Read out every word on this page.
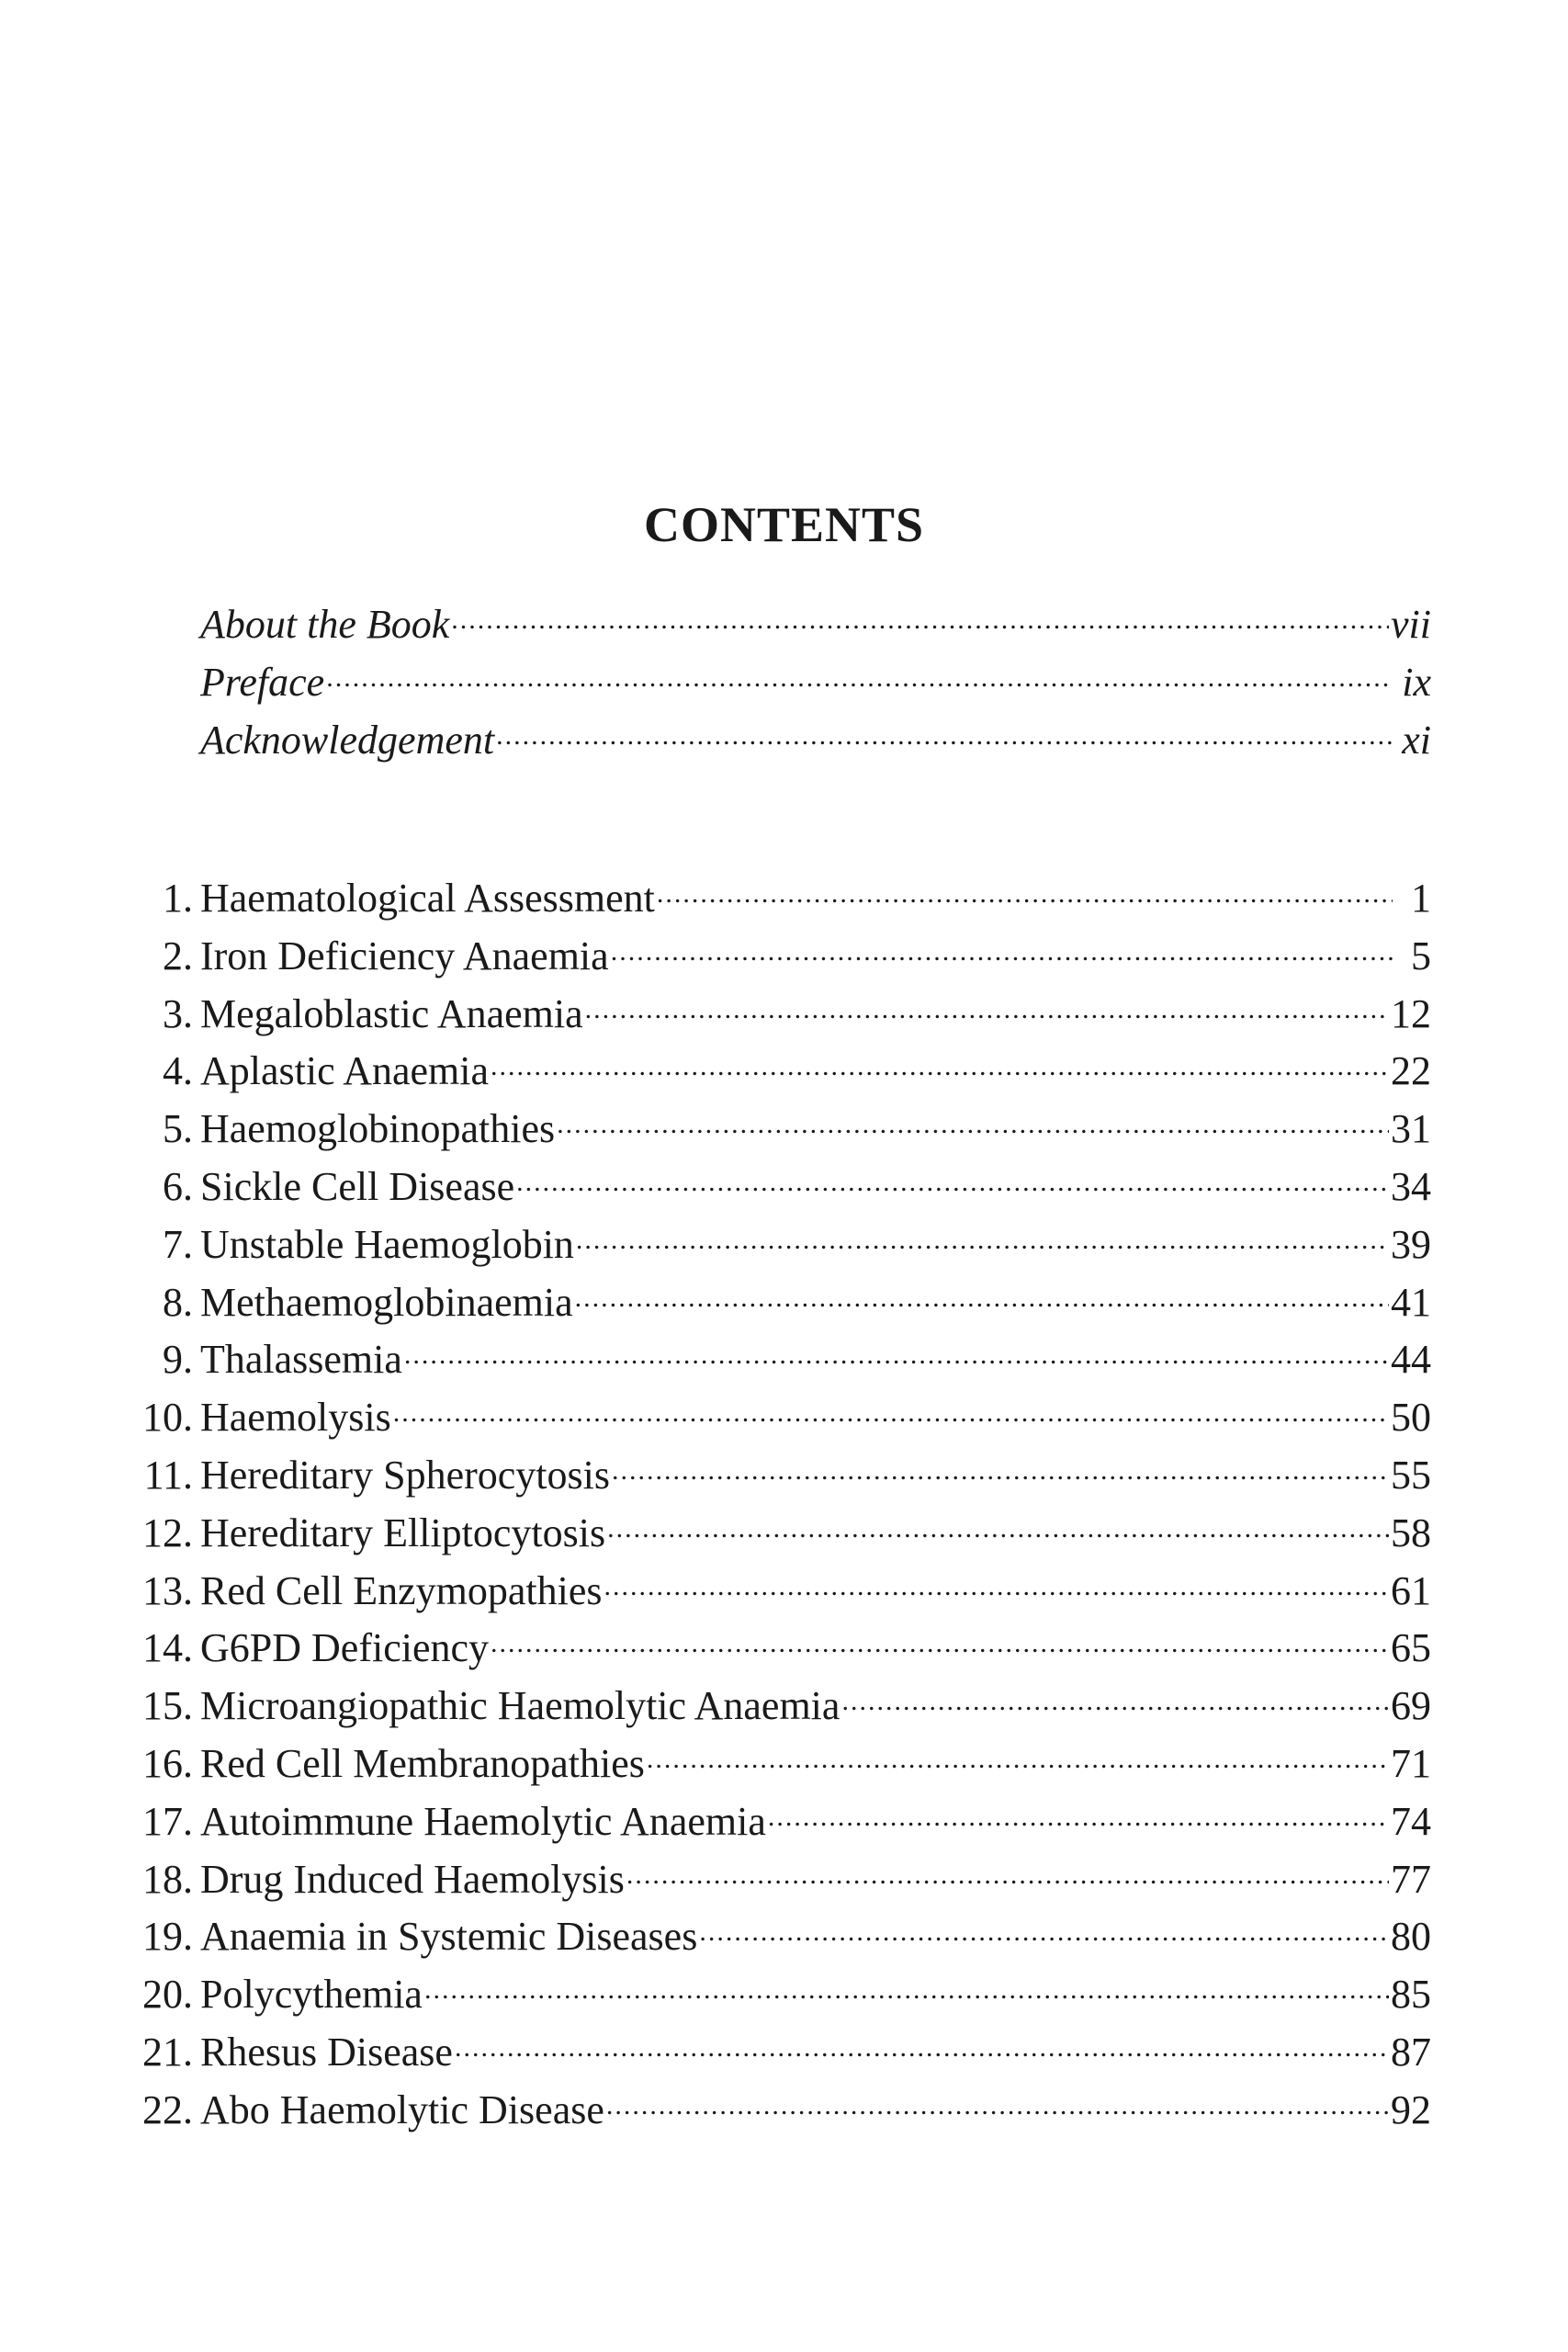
CONTENTS
About the Book .....	vii
Preface .....	ix
Acknowledgement .....	xi
1. Haematological Assessment .....	1
2. Iron Deficiency Anaemia .....	5
3. Megaloblastic Anaemia .....	12
4. Aplastic Anaemia .....	22
5. Haemoglobinopathies .....	31
6. Sickle Cell Disease .....	34
7. Unstable Haemoglobin .....	39
8. Methaemoglobinaemia .....	41
9. Thalassemia .....	44
10. Haemolysis .....	50
11. Hereditary Spherocytosis .....	55
12. Hereditary Elliptocytosis .....	58
13. Red Cell Enzymopathies .....	61
14. G6PD Deficiency .....	65
15. Microangiopathic Haemolytic Anaemia .....	69
16. Red Cell Membranopathies .....	71
17. Autoimmune Haemolytic Anaemia .....	74
18. Drug Induced Haemolysis .....	77
19. Anaemia in Systemic Diseases .....	80
20. Polycythemia .....	85
21. Rhesus Disease .....	87
22. Abo Haemolytic Disease .....	92
